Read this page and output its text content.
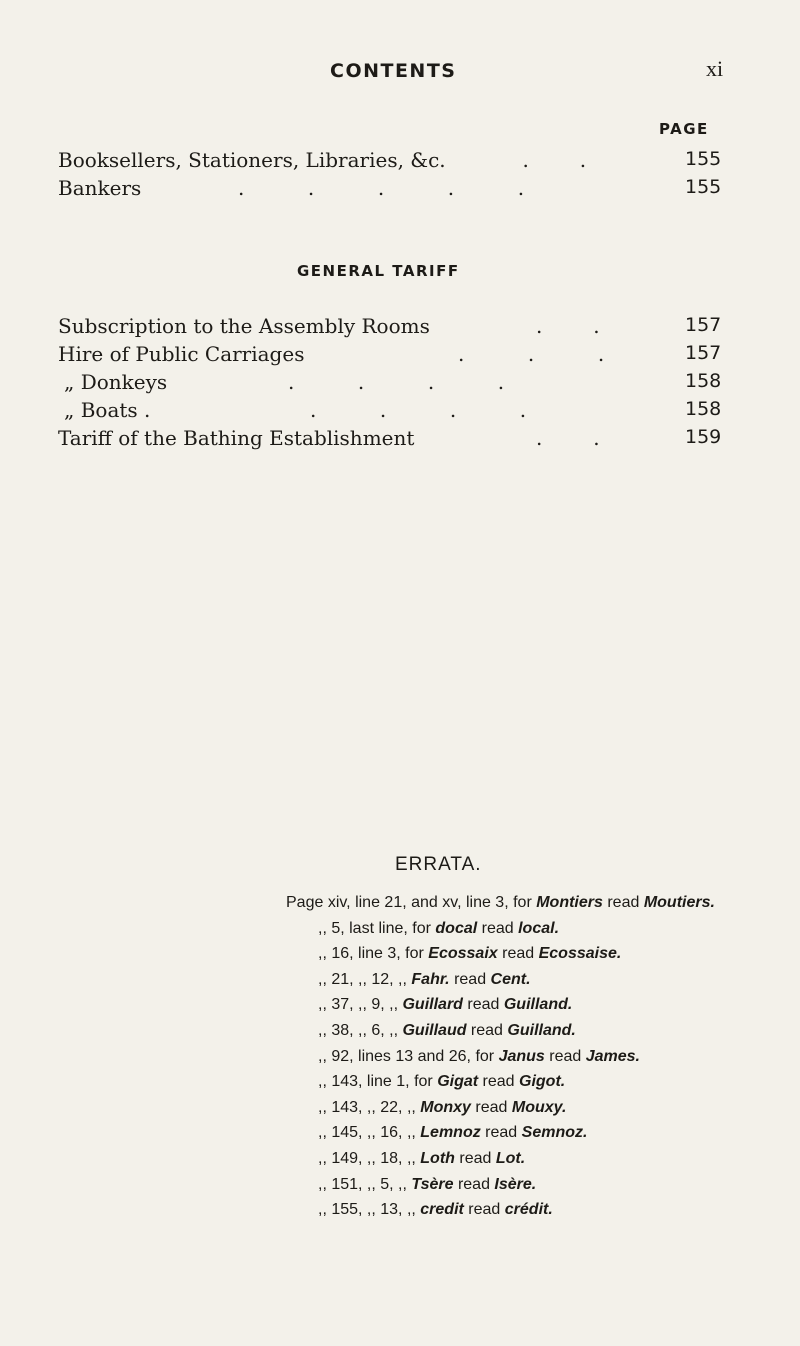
CONTENTS	xi
PAGE
Booksellers, Stationers, Libraries, &c. .        .	155
Bankers	.          .          .          .          .	155
GENERAL TARIFF
Subscription to the Assembly Rooms	.        .	157
Hire of Public Carriages	.          .          .	157
„ Donkeys	.          .          .          .	158
„ Boats .	.          .          .          .	158
Tariff of the Bathing Establishment	.        .	159
ERRATA.
Page xiv, line 21, and xv, line 3, for Montiers read Moutiers.
,, 5, last line, for docal read local.
,, 16, line 3, for Ecossaix read Ecossaise.
,, 21, ,, 12, ,, Fahr. read Cent.
,, 37, ,, 9, ,, Guillard read Guilland.
,, 38, ,, 6, ,, Guillaud read Guilland.
,, 92, lines 13 and 26, for Janus read James.
,, 143, line 1, for Gigat read Gigot.
,, 143, ,, 22, ,, Monxy read Mouxy.
,, 145, ,, 16, ,, Lemnoz read Semnoz.
,, 149, ,, 18, ,, Loth read Lot.
,, 151, ,, 5, ,, Tsère read Isère.
,, 155, ,, 13, ,, credit read crédit.
